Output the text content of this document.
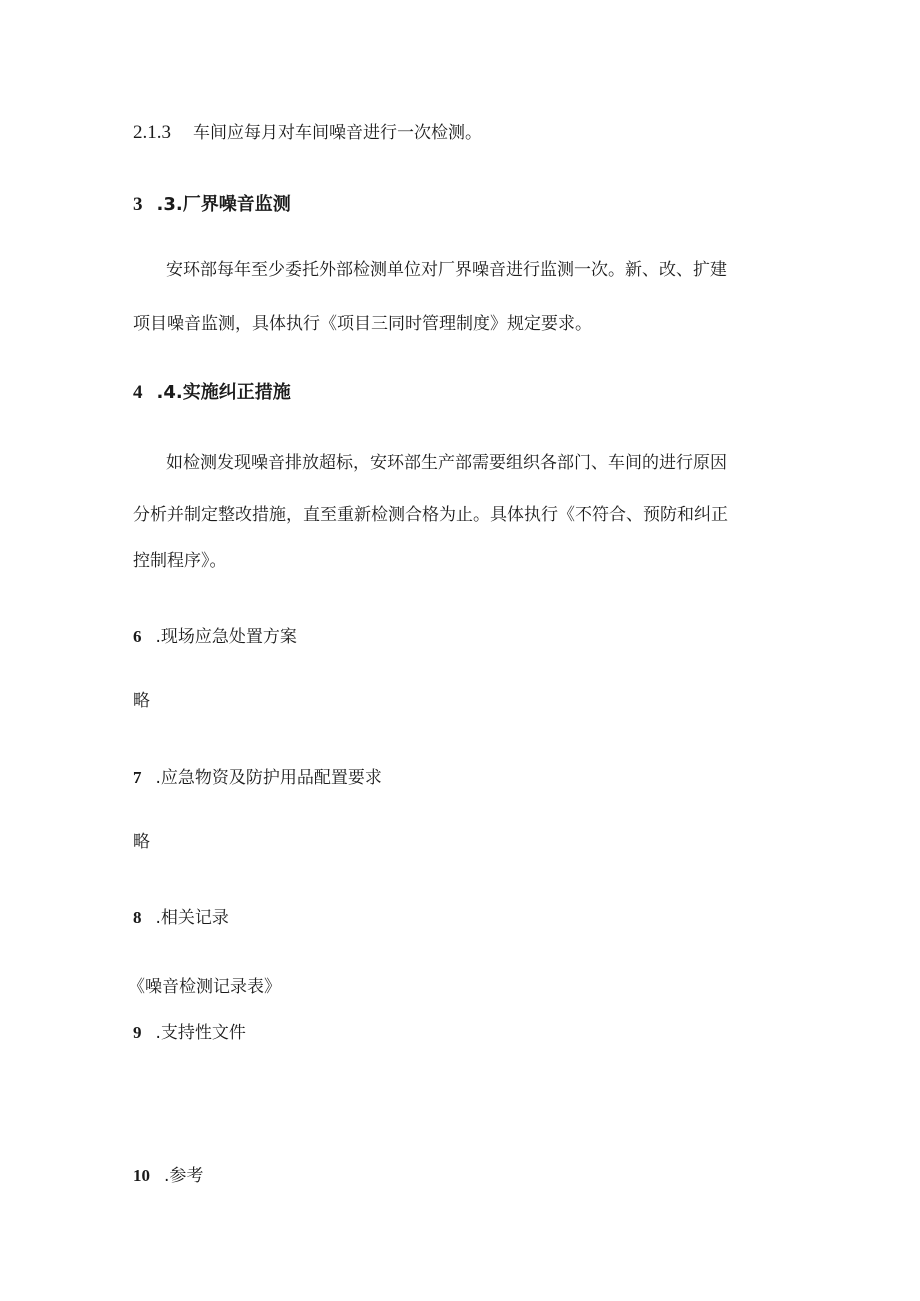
2.1.3 车间应每月对车间噪音进行一次检测。
3 .3.厂界噪音监测
安环部每年至少委托外部检测单位对厂界噪音进行监测一次。新、改、扩建
项目噪音监测，具体执行《项目三同时管理制度》规定要求。
4 .4.实施纠正措施
如检测发现噪音排放超标，安环部生产部需要组织各部门、车间的进行原因
分析并制定整改措施，直至重新检测合格为止。具体执行《不符合、预防和纠正
控制程序》。
6 .现场应急处置方案
略
7 .应急物资及防护用品配置要求
略
8 .相关记录
《噪音检测记录表》
9 .支持性文件
10 .参考
